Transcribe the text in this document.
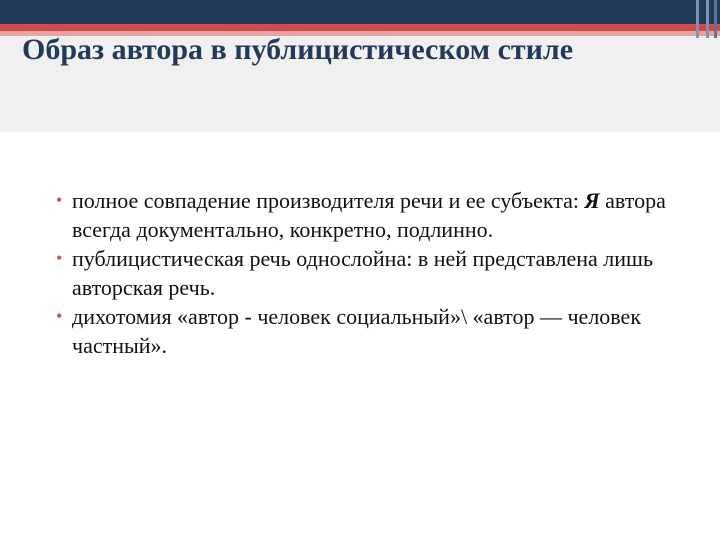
Образ автора в публицистическом стиле
• полное совпадение производителя речи и ее субъекта: Я автора всегда документально, конкретно, подлинно.
• публицистическая речь однослойна: в ней представлена лишь авторская речь.
• дихотомия «автор - человек социальный»\ «автор — человек частный».
